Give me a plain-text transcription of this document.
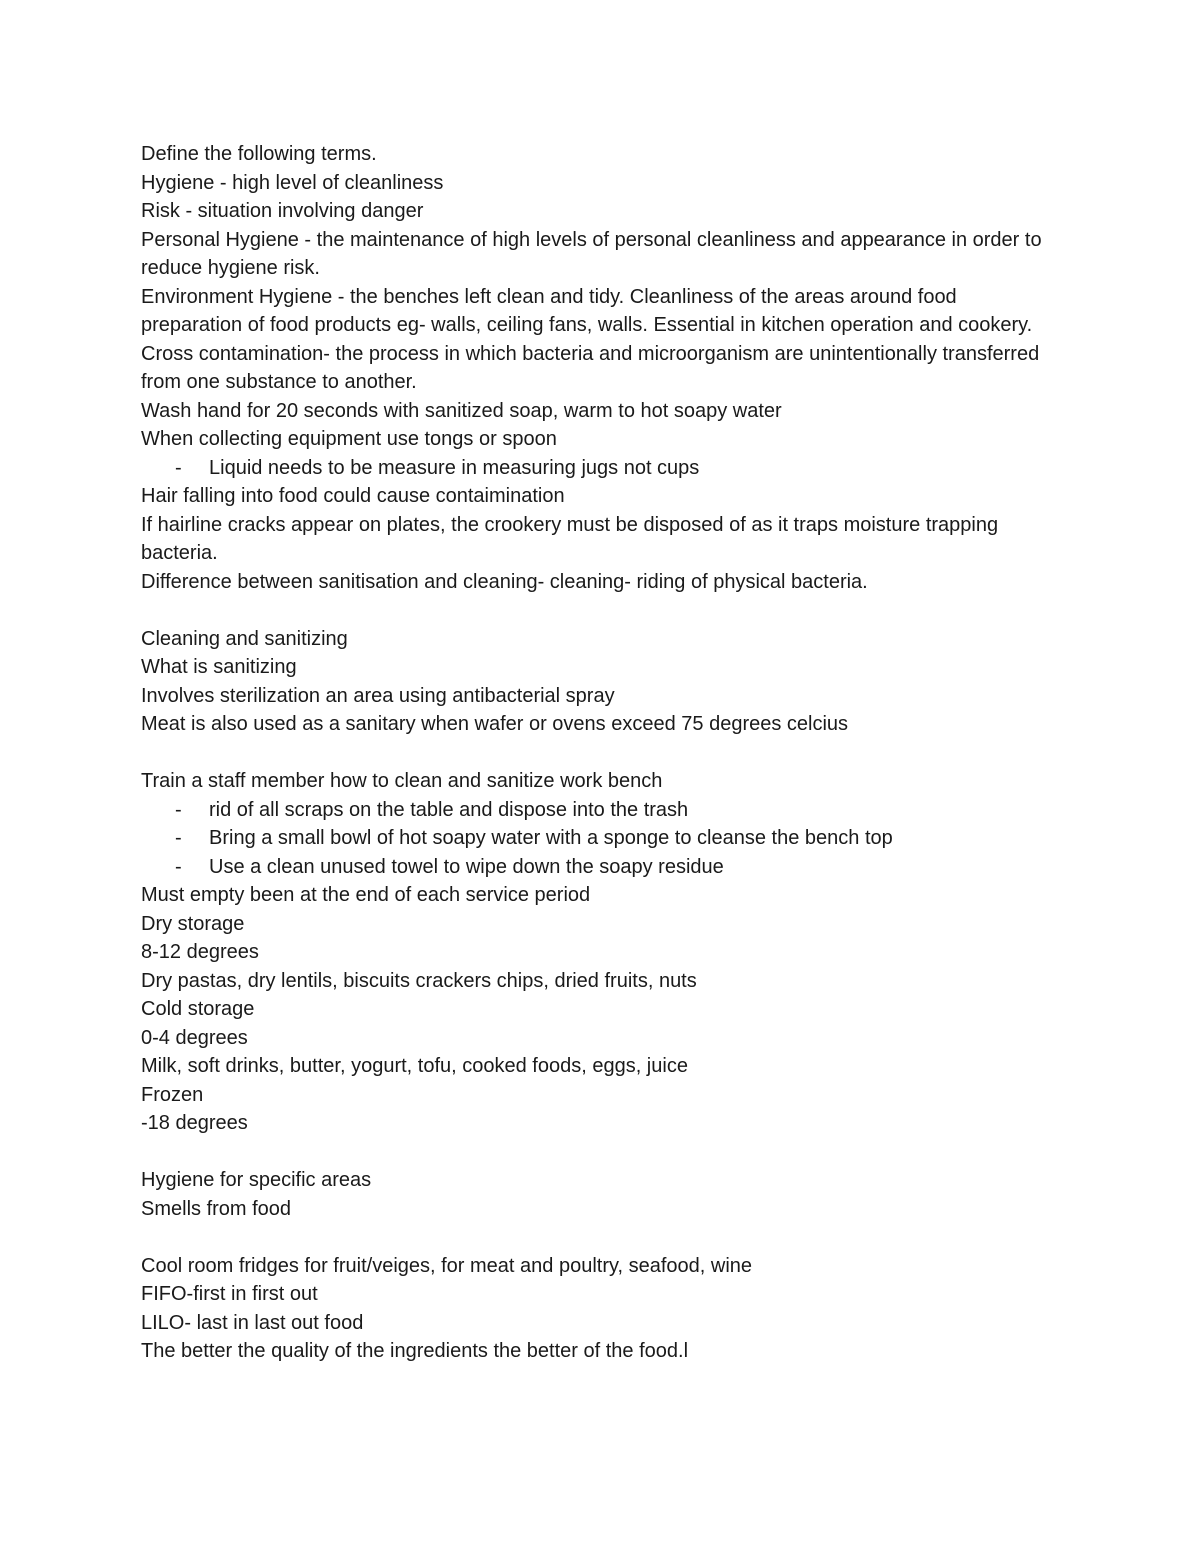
Define the following terms.
Hygiene - high level of cleanliness
Risk - situation involving danger
Personal Hygiene - the maintenance of high levels of personal cleanliness and appearance in order to reduce hygiene risk.
Environment Hygiene - the benches left clean and tidy. Cleanliness of the areas around food preparation of food products eg- walls, ceiling fans, walls. Essential in kitchen operation and cookery.
Cross contamination- the process in which bacteria and microorganism are unintentionally transferred from one substance to another.
Wash hand for 20 seconds with sanitized soap, warm to hot soapy water
When collecting equipment use tongs or spoon
-	Liquid needs to be measure in measuring jugs not cups
Hair falling into food could cause contaimination
If hairline cracks appear on plates, the crookery must be disposed of as it traps moisture trapping bacteria.
Difference between sanitisation and cleaning- cleaning- riding of physical bacteria.
Cleaning and sanitizing
What is sanitizing
Involves sterilization an area using antibacterial spray
Meat is also used as a sanitary when wafer or ovens exceed 75 degrees celcius
Train a staff member how to clean and sanitize work bench
-	rid of all scraps on the table and dispose into the trash
-	Bring a small bowl of hot soapy water with a sponge to cleanse the bench top
-	Use a clean unused towel to wipe down the soapy residue
Must empty been at the end of each service period
Dry storage
8-12 degrees
Dry pastas, dry lentils, biscuits crackers chips, dried fruits, nuts
Cold storage
0-4 degrees
Milk, soft drinks, butter, yogurt, tofu, cooked foods, eggs, juice
Frozen
-18 degrees
Hygiene for specific areas
Smells from food
Cool room fridges for fruit/veiges, for meat and poultry, seafood, wine
FIFO-first in first out
LILO- last in last out food
The better the quality of the ingredients the better of the food.l
